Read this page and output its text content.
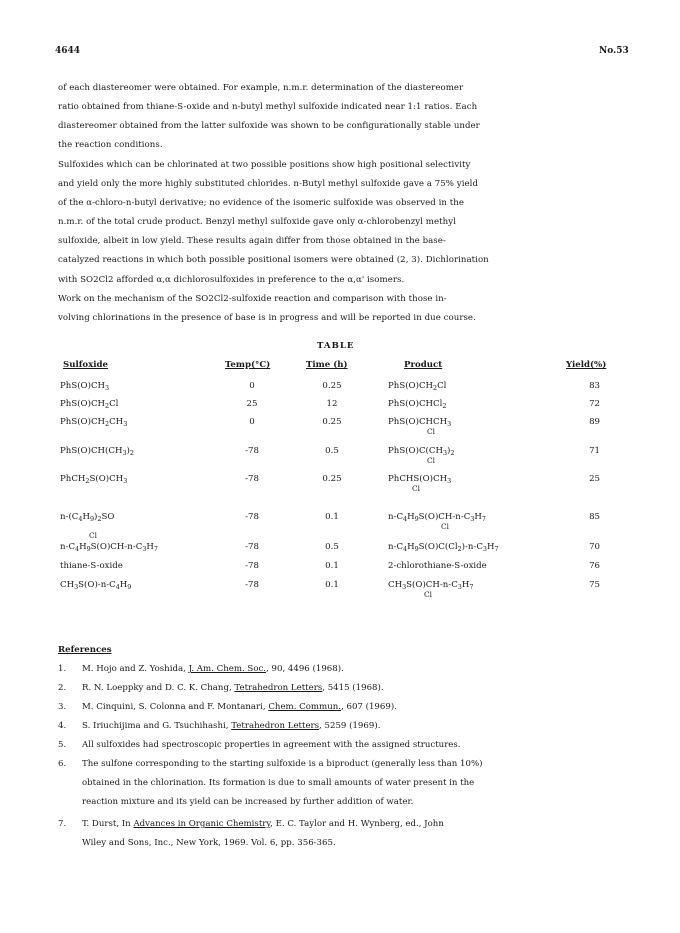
4644	No.53
of each diastereomer were obtained. For example, n.m.r. determination of the diastereomer
ratio obtained from thiane-S-oxide and n-butyl methyl sulfoxide indicated near 1:1 ratios. Each
diastereomer obtained from the latter sulfoxide was shown to be configurationally stable under
the reaction conditions.
Sulfoxides which can be chlorinated at two possible positions show high positional selectivity
and yield only the more highly substituted chlorides. n-Butyl methyl sulfoxide gave a 75% yield
of the α-chloro-n-butyl derivative; no evidence of the isomeric sulfoxide was observed in the
n.m.r. of the total crude product. Benzyl methyl sulfoxide gave only α-chlorobenzyl methyl
sulfoxide, albeit in low yield. These results again differ from those obtained in the base-
catalyzed reactions in which both possible positional isomers were obtained (2, 3). Dichlorination
with SO2Cl2 afforded α,α dichlorosulfoxides in preference to the α,α' isomers.
Work on the mechanism of the SO2Cl2-sulfoxide reaction and comparison with those in-
volving chlorinations in the presence of base is in progress and will be reported in due course.
TABLE
Sulfoxide	Temp(°C)	Time (h)	Product	Yield(%)
$PhS(O)CH_3$	0	0.25	$PhS(O)CH_2Cl$	83
$PhS(O)CH_2Cl$	25	12	PhS(O)CHCl$_2$	72
$PhS(O)CH_2CH_3$	0	0.25	$PhS(O)CHCH_3$	89
Cl
$PhS(O)CH(CH_3)_2$	-78	0.5	$PhS(O)C(CH_3)_2$	71
Cl
$PhCH_2S(O)CH_3$	-78	0.25	$PhCHS(O)CH_3$	25
Cl
$n-(C_4H_9)_2SO$	-78	0.1	$n-C_4H_9S(O)CH-n-C_3H_7$	85
Cl
$n-C_4H_9S(O)CH-n-C_3H_7$	-78	0.5	$n-C_4H_9S(O)C(Cl_2)-n-C_3H_7$	70
Cl
thiane-S-oxide	-78	0.1	2-chlorothiane-S-oxide	76
$CH_3S(O)-n-C_4H_9$	-78	0.1	$CH_3S(O)CH-n-C_3H_7$	75
Cl
References
1. M. Hojo and Z. Yoshida, J. Am. Chem. Soc., 90, 4496 (1968).
2. R. N. Loeppky and D. C. K. Chang, Tetrahedron Letters, 5415 (1968).
3. M. Cinquini, S. Colonna and F. Montanari, Chem. Commun., 607 (1969).
4. S. Iriuchijima and G. Tsuchihashi, Tetrahedron Letters, 5259 (1969).
5. All sulfoxides had spectroscopic properties in agreement with the assigned structures.
6. The sulfone corresponding to the starting sulfoxide is a biproduct (generally less than 10%)
obtained in the chlorination. Its formation is due to small amounts of water present in the
reaction mixture and its yield can be increased by further addition of water.
7. T. Durst, In Advances in Organic Chemistry, E. C. Taylor and H. Wynberg, ed., John
Wiley and Sons, Inc., New York, 1969. Vol. 6, pp. 356-365.
